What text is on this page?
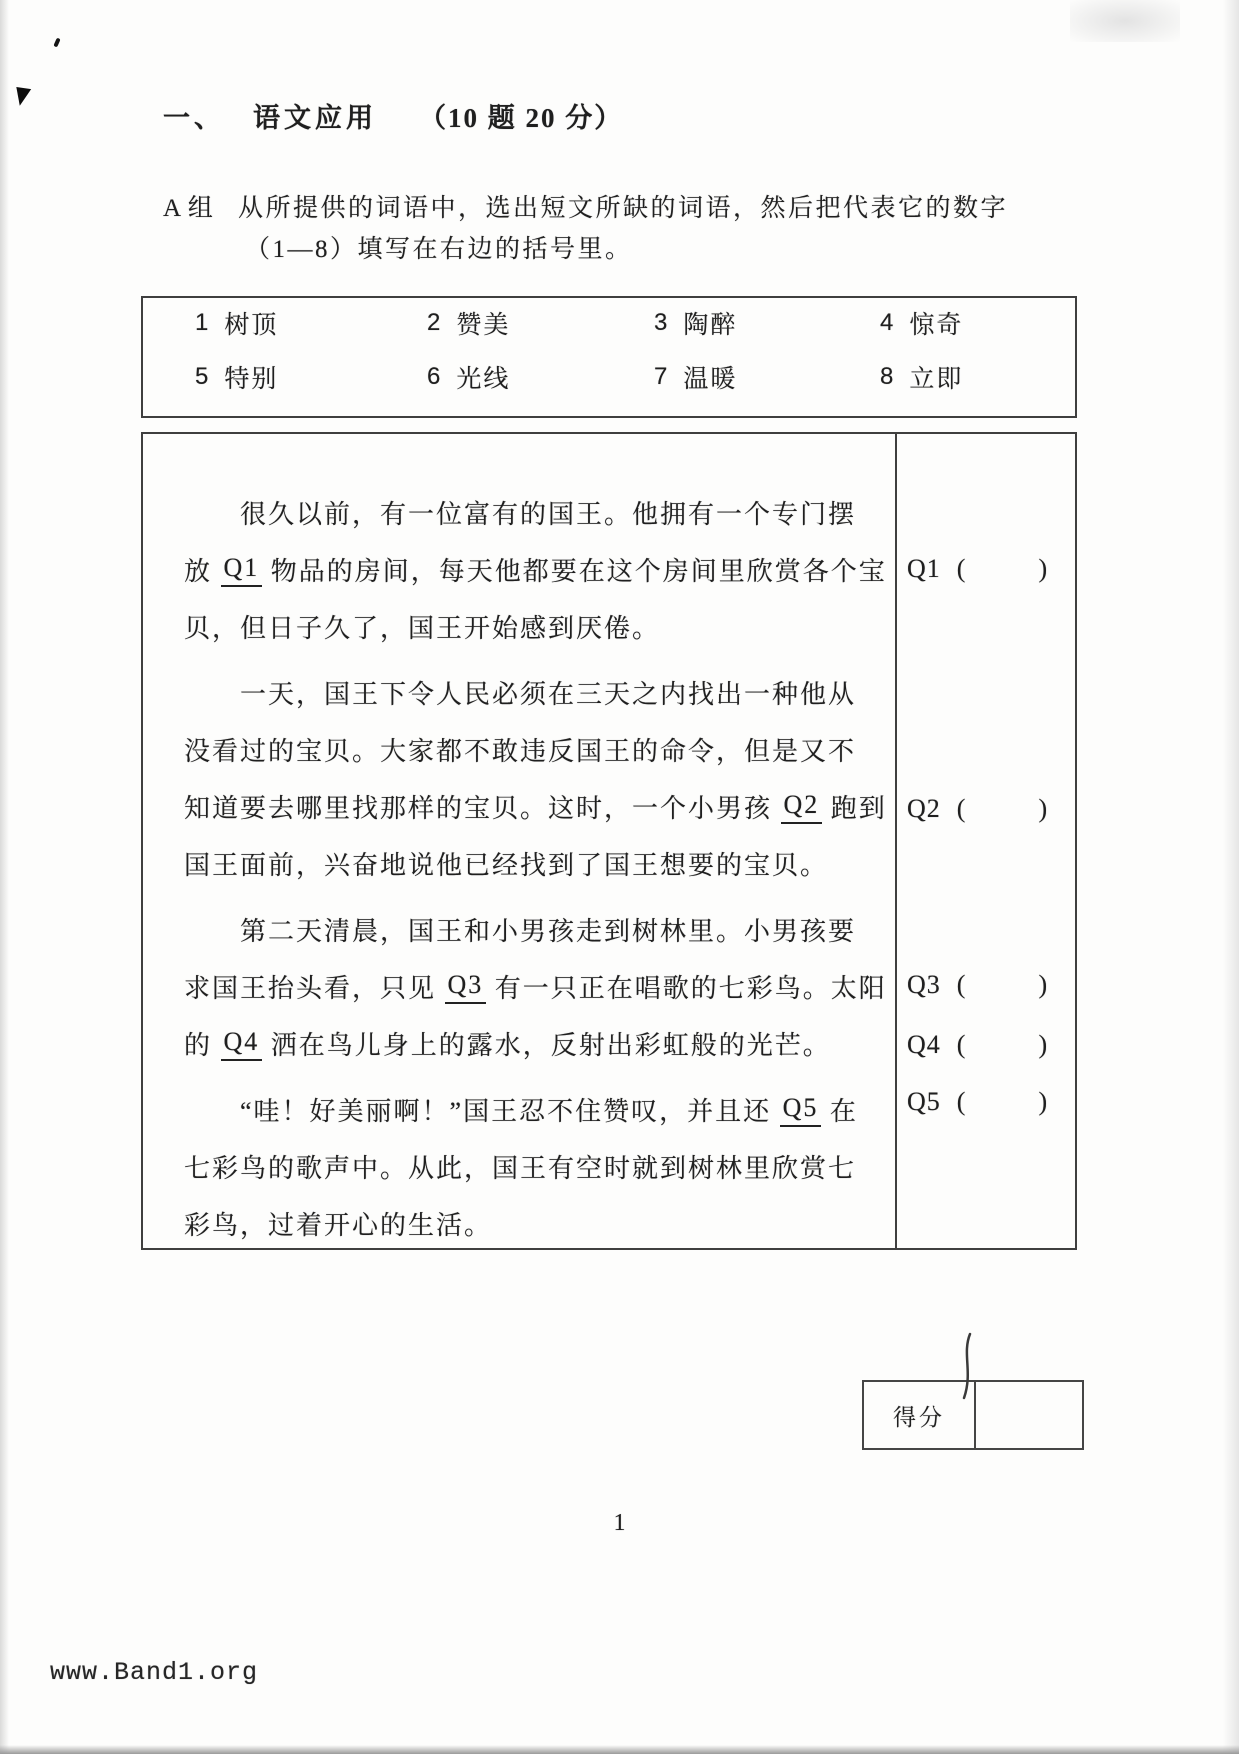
一、 语文应用 （10 题 20 分）
A 组 从所提供的词语中，选出短文所缺的词语，然后把代表它的数字
（1—8）填写在右边的括号里。
1 树顶	2 赞美	3 陶醉	4 惊奇
5 特别	6 光线	7 温暖	8 立即
很久以前，有一位富有的国王。他拥有一个专门摆
放 Q1 物品的房间，每天他都要在这个房间里欣赏各个宝
贝，但日子久了，国王开始感到厌倦。
一天，国王下令人民必须在三天之内找出一种他从
没看过的宝贝。大家都不敢违反国王的命令，但是又不
知道要去哪里找那样的宝贝。这时，一个小男孩 Q2 跑到
国王面前，兴奋地说他已经找到了国王想要的宝贝。
第二天清晨，国王和小男孩走到树林里。小男孩要
求国王抬头看，只见 Q3 有一只正在唱歌的七彩鸟。太阳
的 Q4 洒在鸟儿身上的露水，反射出彩虹般的光芒。
“哇！好美丽啊！”国王忍不住赞叹，并且还 Q5 在
七彩鸟的歌声中。从此，国王有空时就到树林里欣赏七
彩鸟，过着开心的生活。
Q1 (	)
Q2 (	)
Q3 (	)
Q4 (	)
Q5 (	)
得分
1
www.Band1.org
